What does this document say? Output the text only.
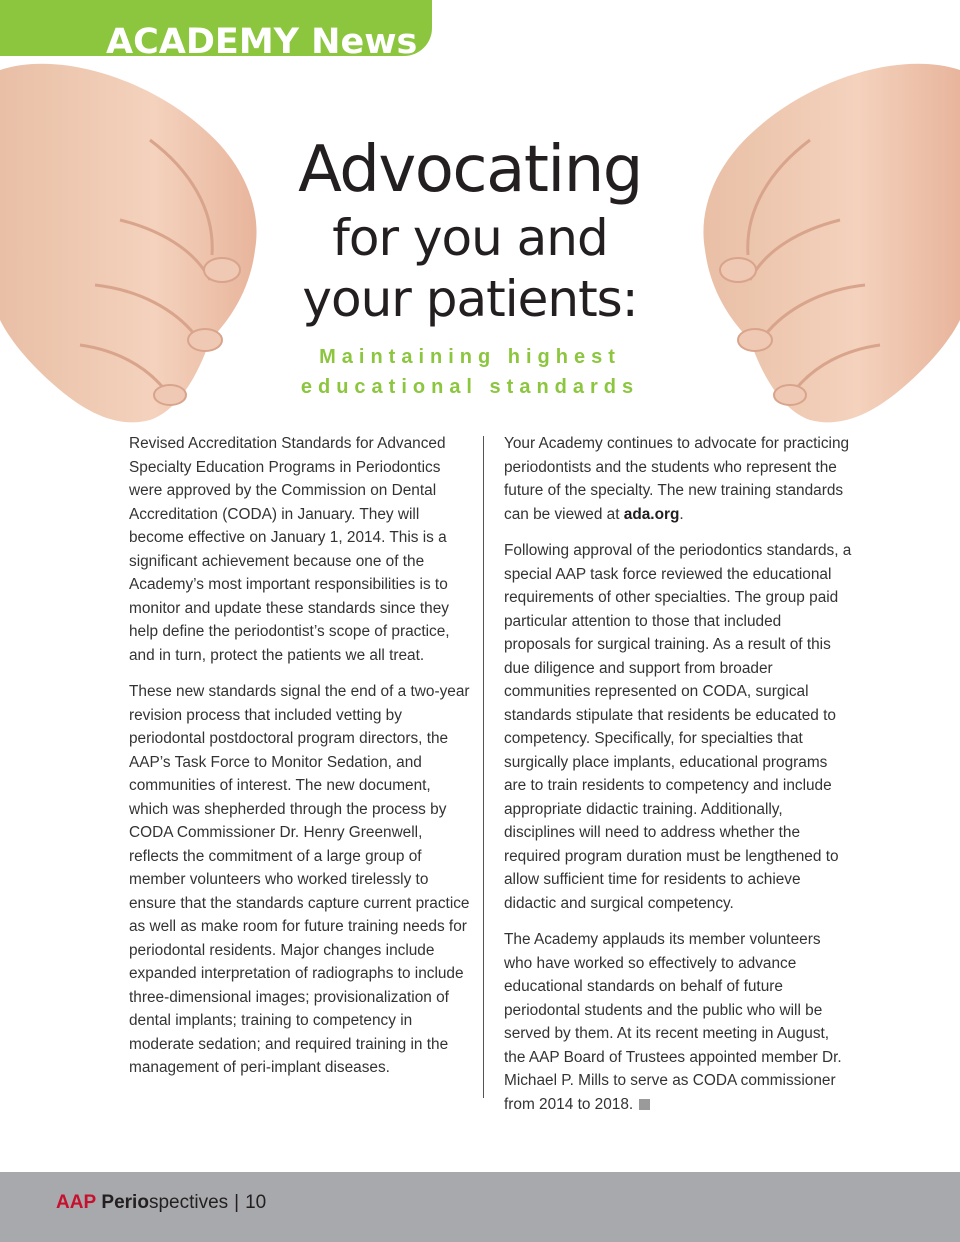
ACADEMY News
Advocating
for you and
your patients:
Maintaining highest
educational standards

Revised Accreditation Standards for Advanced Specialty Education Programs in Periodontics were approved by the Commission on Dental Accreditation (CODA) in January. They will become effective on January 1, 2014. This is a significant achievement because one of the Academy’s most important responsibilities is to monitor and update these standards since they help define the periodontist’s scope of practice, and in turn, protect the patients we all treat.

These new standards signal the end of a two-year revision process that included vetting by periodontal postdoctoral program directors, the AAP’s Task Force to Monitor Sedation, and communities of interest. The new document, which was shepherded through the process by CODA Commissioner Dr. Henry Greenwell, reflects the commitment of a large group of member volunteers who worked tirelessly to ensure that the standards capture current practice as well as make room for future training needs for periodontal residents. Major changes include expanded interpretation of radiographs to include three-dimensional images; provisionalization of dental implants; training to competency in moderate sedation; and required training in the management of peri-implant diseases.

Your Academy continues to advocate for practicing periodontists and the students who represent the future of the specialty. The new training standards can be viewed at ada.org.

Following approval of the periodontics standards, a special AAP task force reviewed the educational requirements of other specialties. The group paid particular attention to those that included proposals for surgical training. As a result of this due diligence and support from broader communities represented on CODA, surgical standards stipulate that residents be educated to competency. Specifically, for specialties that surgically place implants, educational programs are to train residents to competency and include appropriate didactic training. Additionally, disciplines will need to address whether the required program duration must be lengthened to allow sufficient time for residents to achieve didactic and surgical competency.

The Academy applauds its member volunteers who have worked so effectively to advance educational standards on behalf of future periodontal students and the public who will be served by them. At its recent meeting in August, the AAP Board of Trustees appointed member Dr. Michael P. Mills to serve as CODA commissioner from 2014 to 2018.

AAP Periospectives | 10
